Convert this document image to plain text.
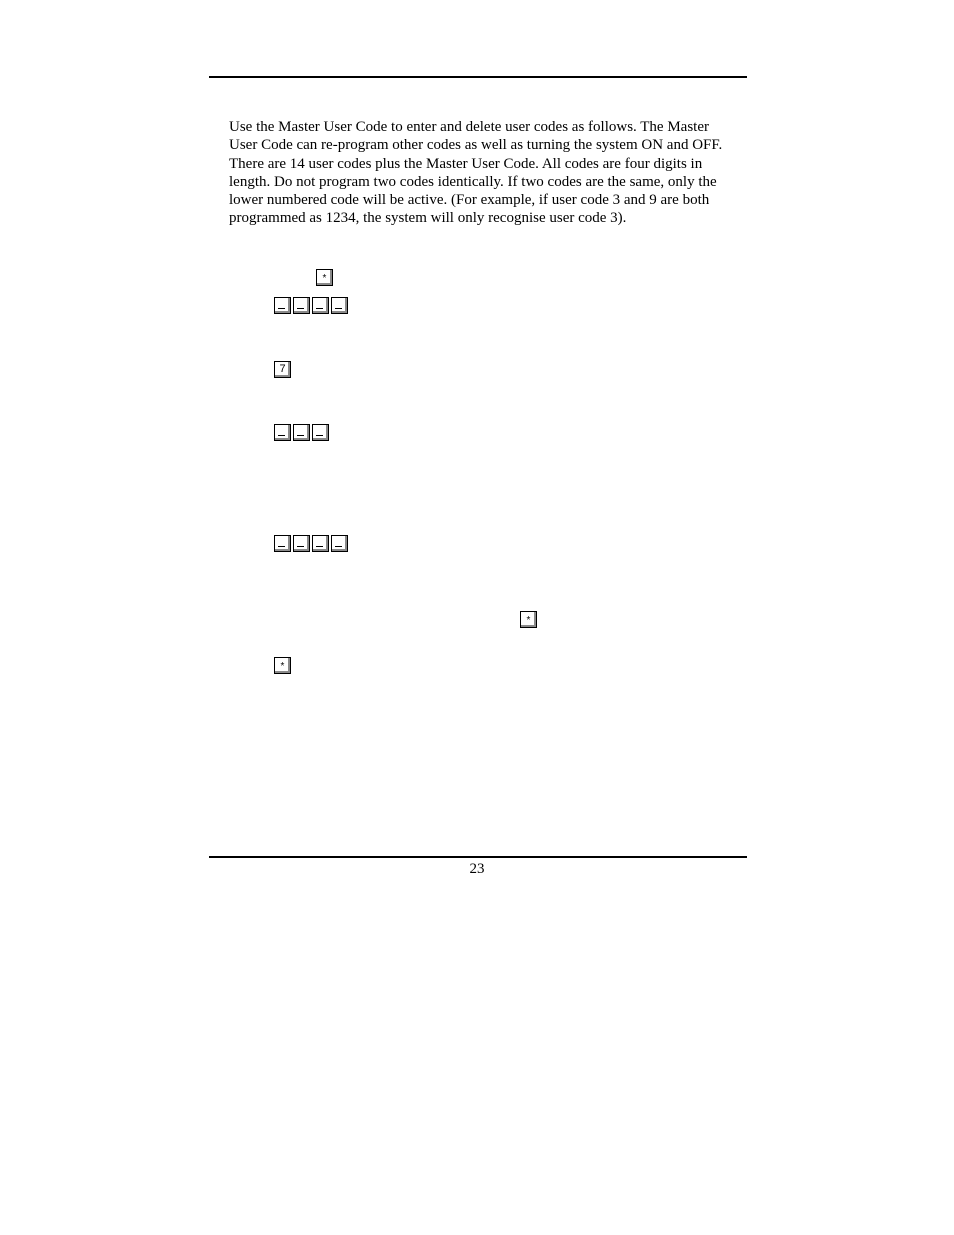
Use the Master User Code to enter and delete user codes as follows. The Master User Code can re-program other codes as well as turning the system ON and OFF.

There are 14 user codes plus the Master User Code. All codes are four digits in length. Do not program two codes identically. If two codes are the same, only the lower numbered code will be active. (For example, if user code 3 and 9 are both programmed as 1234, the system will only recognise user code 3).

*
7
*
*
23
